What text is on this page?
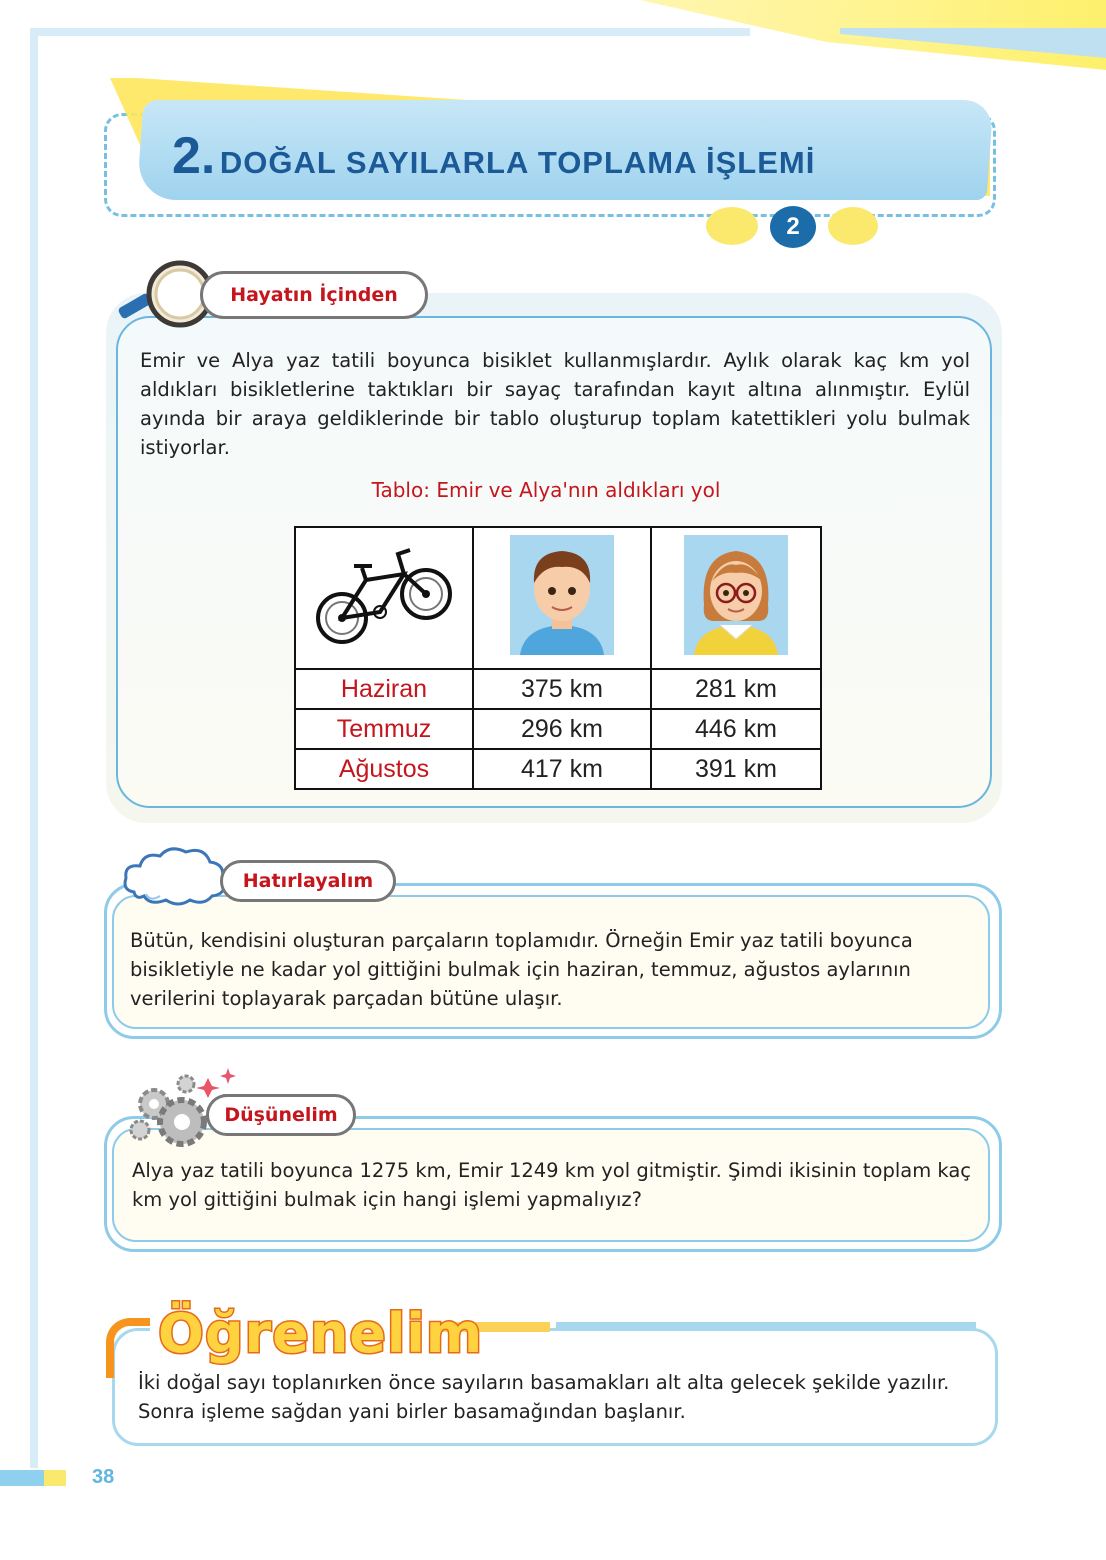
2. DOĞAL SAYILARLA TOPLAMA İŞLEMİ
2
Hayatın İçinden
Emir ve Alya yaz tatili boyunca bisiklet kullanmışlardır. Aylık olarak kaç km yol aldıkları bisikletlerine taktıkları bir sayaç tarafından kayıt altına alınmıştır. Eylül ayında bir araya geldiklerinde bir tablo oluşturup toplam katettikleri yolu bulmak istiyorlar.
Tablo: Emir ve Alya'nın aldıkları yol

Haziran	375 km	281 km
Temmuz	296 km	446 km
Ağustos	417 km	391 km
Hatırlayalım
Bütün, kendisini oluşturan parçaların toplamıdır. Örneğin Emir yaz tatili boyunca bisikletiyle ne kadar yol gittiğini bulmak için haziran, temmuz, ağustos aylarının verilerini toplayarak parçadan bütüne ulaşır.
Düşünelim
Alya yaz tatili boyunca 1275 km, Emir 1249 km yol gitmiştir. Şimdi ikisinin toplam kaç km yol gittiğini bulmak için hangi işlemi yapmalıyız?
Öğrenelim
İki doğal sayı toplanırken önce sayıların basamakları alt alta gelecek şekilde yazılır. Sonra işleme sağdan yani birler basamağından başlanır.
38
